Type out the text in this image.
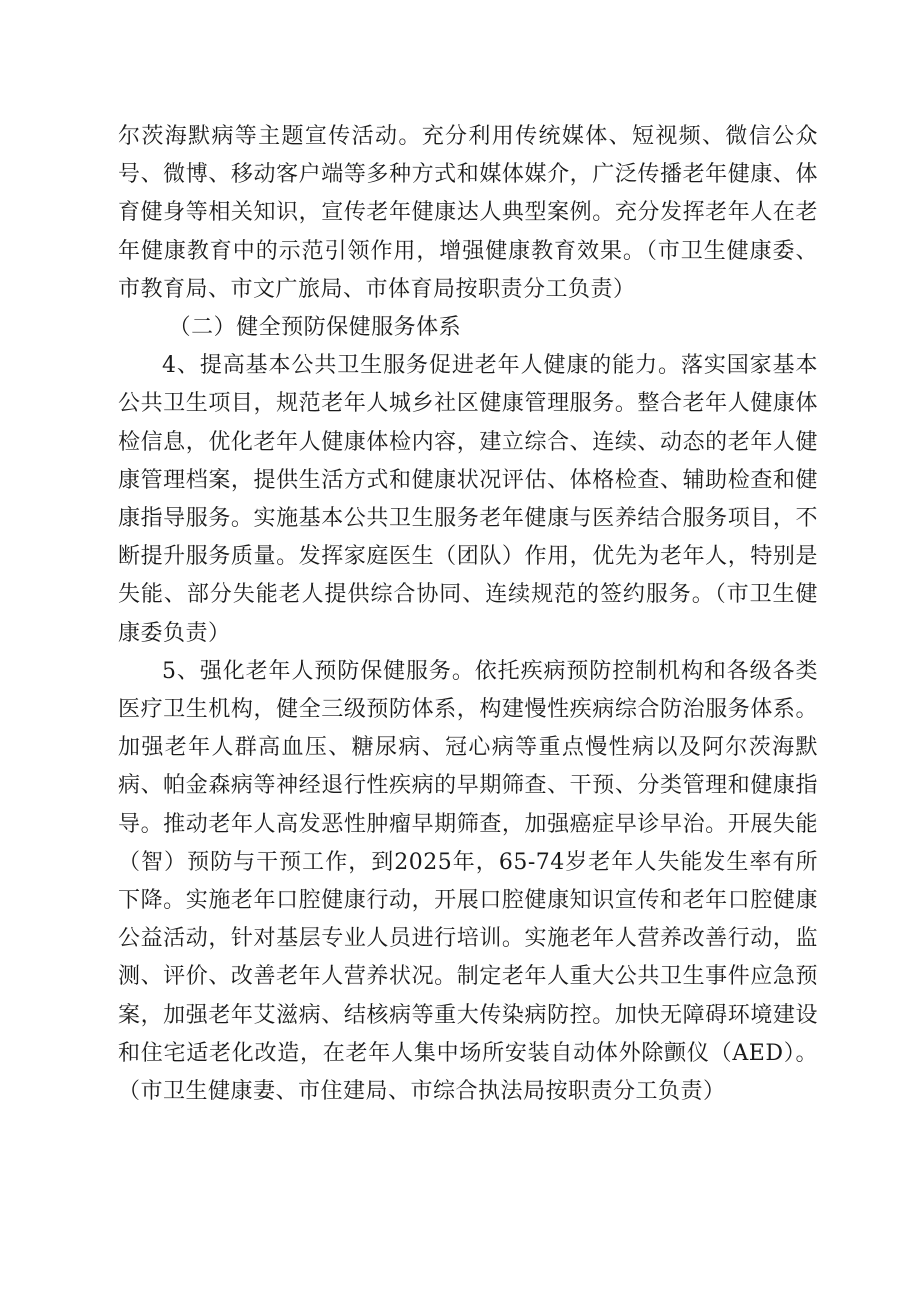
尔茨海默病等主题宣传活动。充分利用传统媒体、短视频、微信公众号、微博、移动客户端等多种方式和媒体媒介，广泛传播老年健康、体育健身等相关知识，宣传老年健康达人典型案例。充分发挥老年人在老年健康教育中的示范引领作用，增强健康教育效果。（市卫生健康委、市教育局、市文广旅局、市体育局按职责分工负责）

（二）健全预防保健服务体系

4、提高基本公共卫生服务促进老年人健康的能力。落实国家基本公共卫生项目，规范老年人城乡社区健康管理服务。整合老年人健康体检信息，优化老年人健康体检内容，建立综合、连续、动态的老年人健康管理档案，提供生活方式和健康状况评估、体格检查、辅助检查和健康指导服务。实施基本公共卫生服务老年健康与医养结合服务项目，不断提升服务质量。发挥家庭医生（团队）作用，优先为老年人，特别是失能、部分失能老人提供综合协同、连续规范的签约服务。（市卫生健康委负责）

5、强化老年人预防保健服务。依托疾病预防控制机构和各级各类医疗卫生机构，健全三级预防体系，构建慢性疾病综合防治服务体系。加强老年人群高血压、糖尿病、冠心病等重点慢性病以及阿尔茨海默病、帕金森病等神经退行性疾病的早期筛查、干预、分类管理和健康指导。推动老年人高发恶性肿瘤早期筛查，加强癌症早诊早治。开展失能（智）预防与干预工作，到2025年，65-74岁老年人失能发生率有所下降。实施老年口腔健康行动，开展口腔健康知识宣传和老年口腔健康公益活动，针对基层专业人员进行培训。实施老年人营养改善行动，监测、评价、改善老年人营养状况。制定老年人重大公共卫生事件应急预案，加强老年艾滋病、结核病等重大传染病防控。加快无障碍环境建设和住宅适老化改造，在老年人集中场所安装自动体外除颤仪（AED）。（市卫生健康妻、市住建局、市综合执法局按职责分工负责）
